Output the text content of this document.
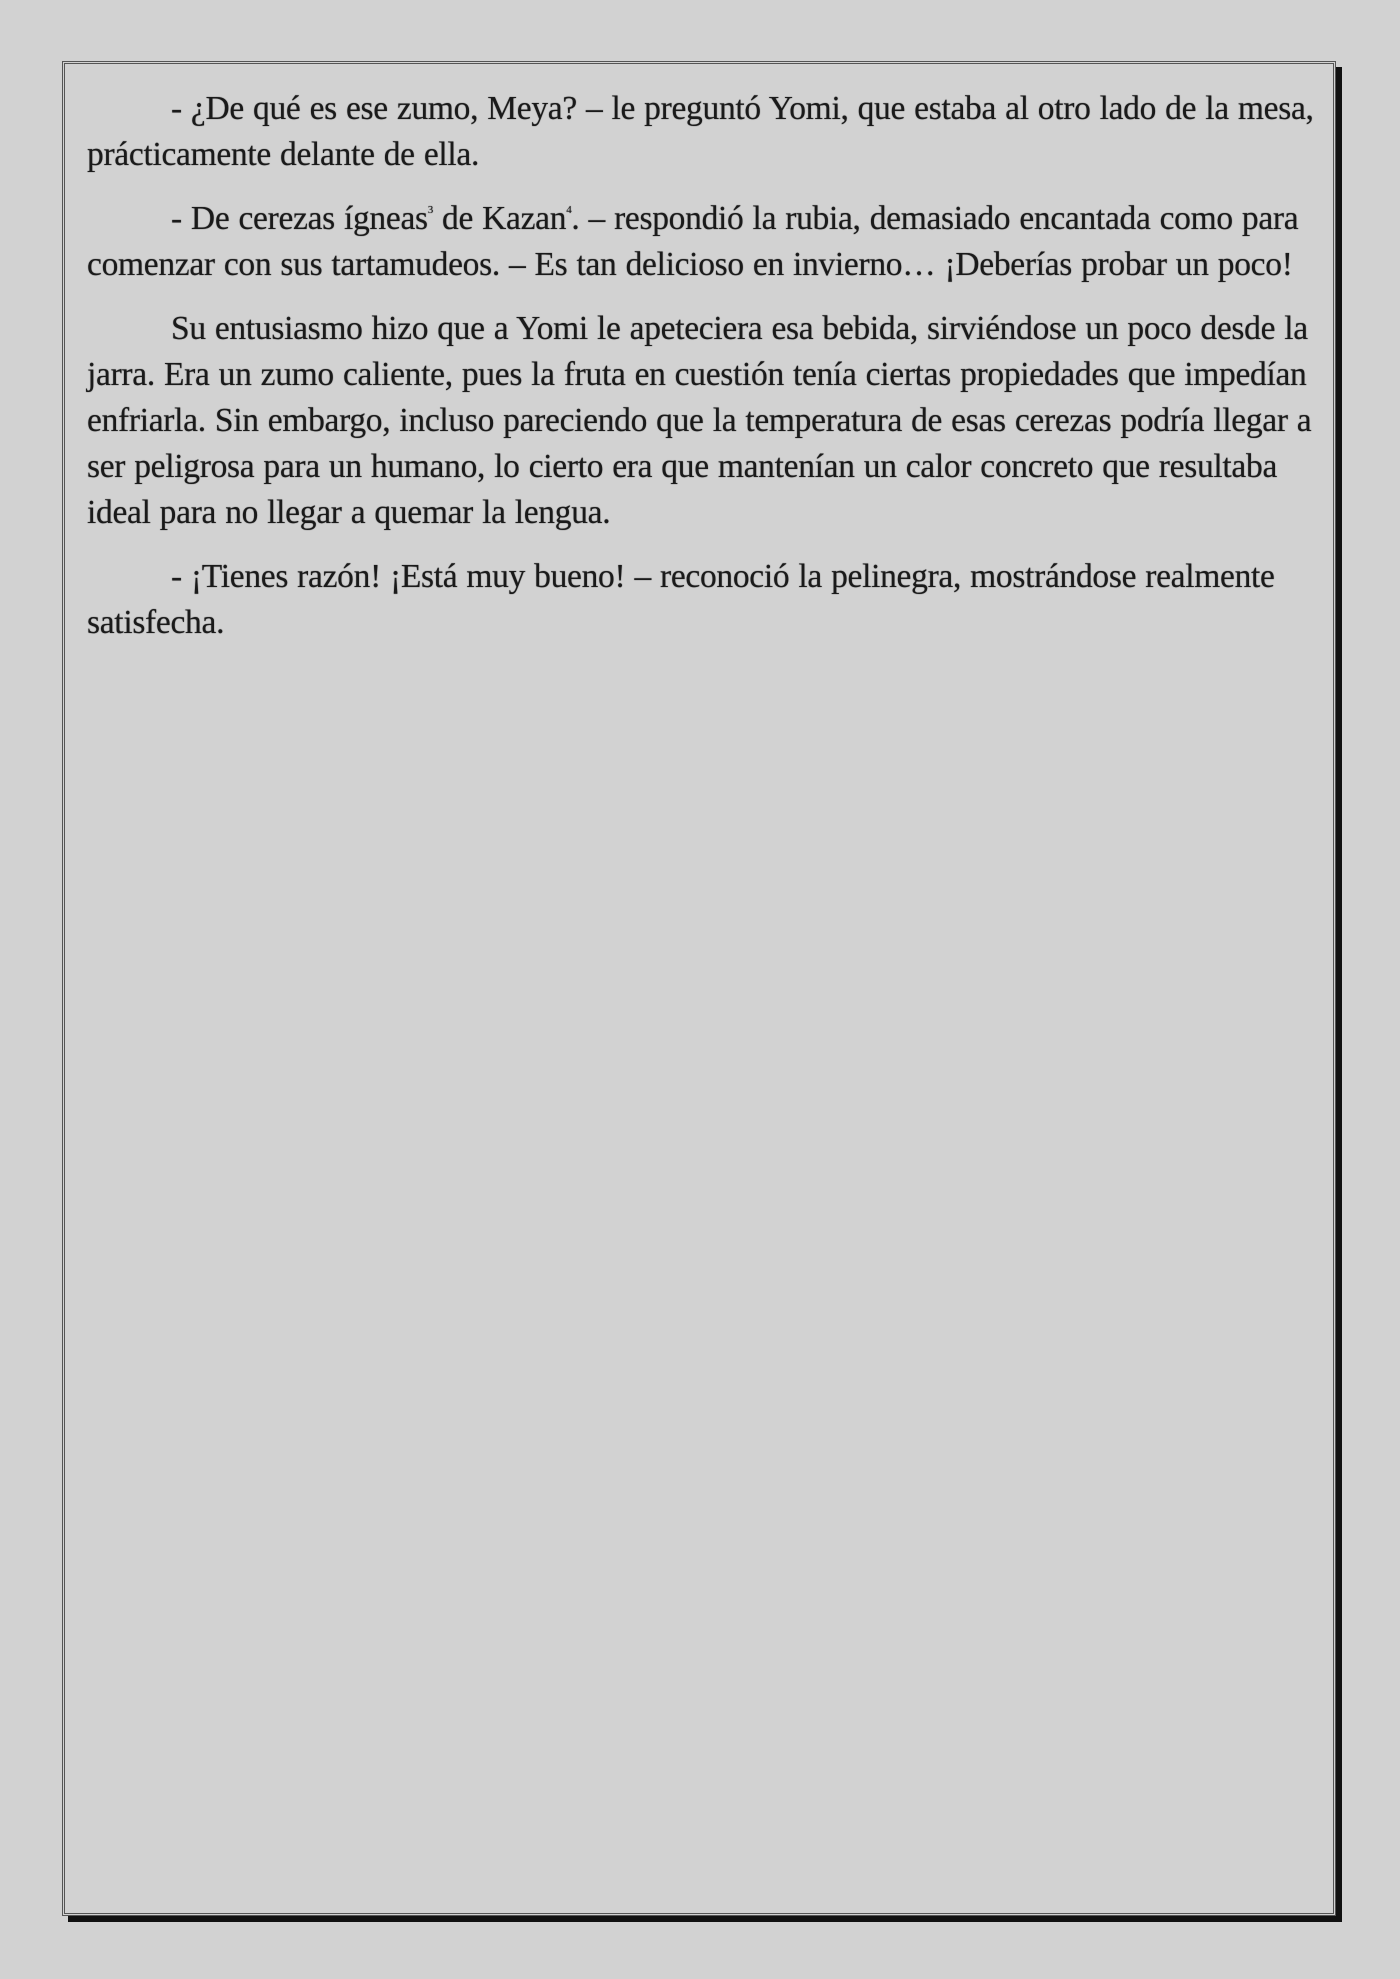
- ¿De qué es ese zumo, Meya? – le preguntó Yomi, que estaba al otro lado de la mesa, prácticamente delante de ella.

- De cerezas ígneas$^3$ de Kazan$^4$. – respondió la rubia, demasiado encantada como para comenzar con sus tartamudeos. – Es tan delicioso en invierno… ¡Deberías probar un poco!

Su entusiasmo hizo que a Yomi le apeteciera esa bebida, sirviéndose un poco desde la jarra. Era un zumo caliente, pues la fruta en cuestión tenía ciertas propiedades que impedían enfriarla. Sin embargo, incluso pareciendo que la temperatura de esas cerezas podría llegar a ser peligrosa para un humano, lo cierto era que mantenían un calor concreto que resultaba ideal para no llegar a quemar la lengua.

- ¡Tienes razón! ¡Está muy bueno! – reconoció la pelinegra, mostrándose realmente satisfecha.
